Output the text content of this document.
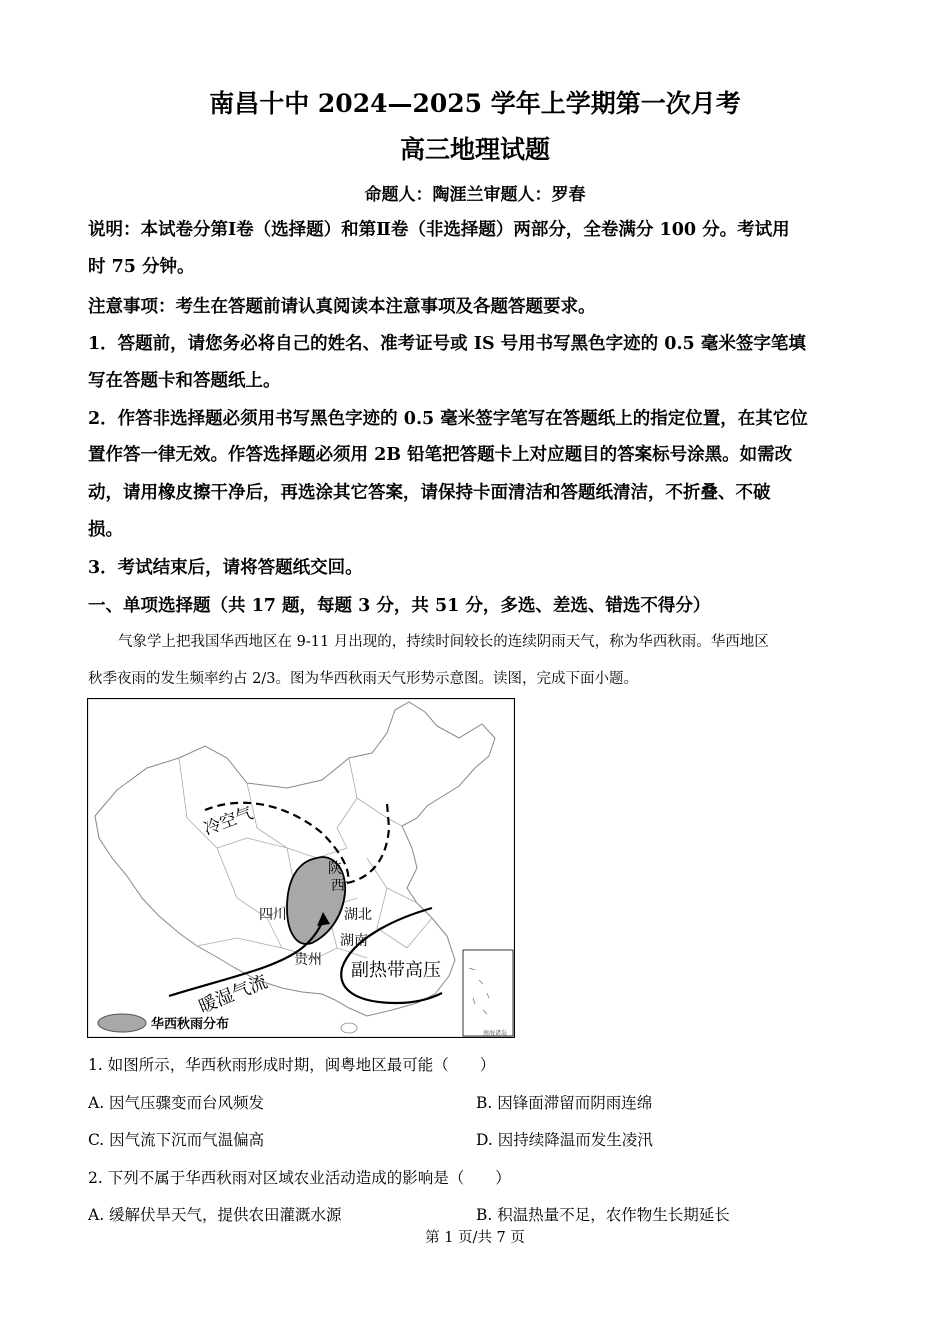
南昌十中 2024—2025 学年上学期第一次月考
高三地理试题
命题人：陶涯兰审题人：罗春
说明：本试卷分第Ⅰ卷（选择题）和第Ⅱ卷（非选择题）两部分，全卷满分 100 分。考试用
时 75 分钟。
注意事项：考生在答题前请认真阅读本注意事项及各题答题要求。
1．答题前，请您务必将自己的姓名、准考证号或 IS 号用书写黑色字迹的 0.5 毫米签字笔填
写在答题卡和答题纸上。
2．作答非选择题必须用书写黑色字迹的 0.5 毫米签字笔写在答题纸上的指定位置，在其它位
置作答一律无效。作答选择题必须用 2B 铅笔把答题卡上对应题目的答案标号涂黑。如需改
动，请用橡皮擦干净后，再选涂其它答案，请保持卡面清洁和答题纸清洁，不折叠、不破
损。
3．考试结束后，请将答题纸交回。
一、单项选择题（共 17 题，每题 3 分，共 51 分，多选、差选、错选不得分）
气象学上把我国华西地区在 9-11 月出现的，持续时间较长的连续阴雨天气，称为华西秋雨。华西地区
秋季夜雨的发生频率约占 2/3。图为华西秋雨天气形势示意图。读图，完成下面小题。
冷空气
陕
西
四川	湖北
湖南
贵州
暖湿气流
副热带高压
南海诸岛
华西秋雨分布
1. 如图所示，华西秋雨形成时期，闽粤地区最可能（　　）
A. 因气压骤变而台风频发	B. 因锋面滞留而阴雨连绵
C. 因气流下沉而气温偏高	D. 因持续降温而发生凌汛
2. 下列不属于华西秋雨对区域农业活动造成的影响是（　　）
A. 缓解伏旱天气，提供农田灌溉水源	B. 积温热量不足，农作物生长期延长
第 1 页/共 7 页
